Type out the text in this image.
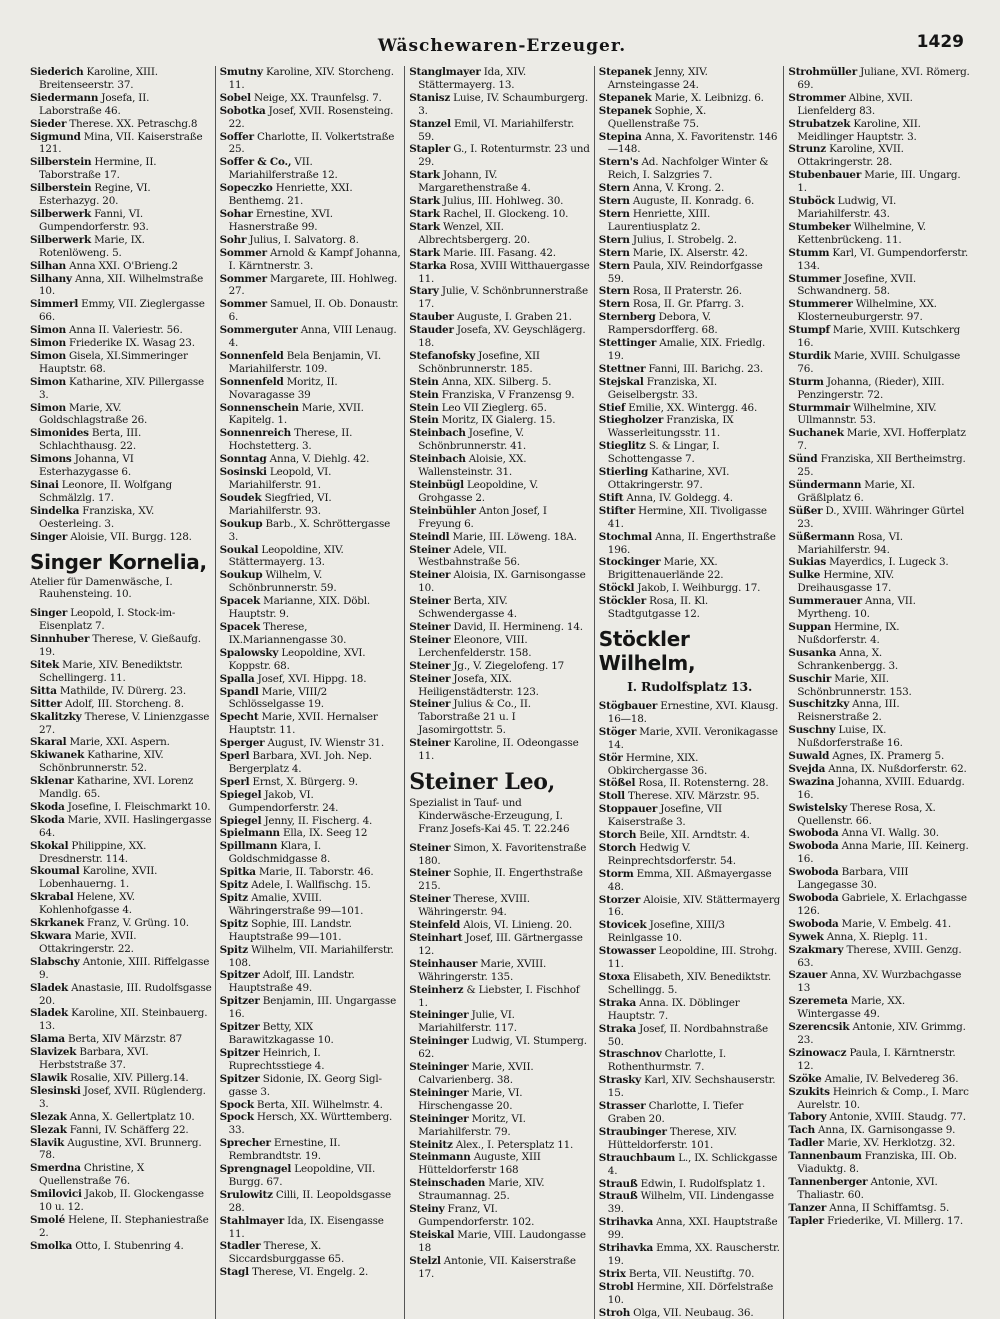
Wäschewaren-Erzeuger.	1429

Siederich Karoline, XIII. Breitenseerstr. 37.

Siedermann Josefa, II. Laborstraße 46.

Sieder Therese. XX. Petraschg.8

Sigmund Mina, VII. Kaiserstraße 121.

Silberstein Hermine, II. Taborstraße 17.

Silberstein Regine, VI. Esterhazyg. 20.

Silberwerk Fanni, VI. Gumpendorferstr. 93.

Silberwerk Marie, IX. Rotenlöweng. 5.

Silhan Anna XXI. O'Brieng.2

Silhany Anna, XII. Wilhelmstraße 10.

Simmerl Emmy, VII. Zieglergasse 66.

Simon Anna II. Valeriestr. 56.

Simon Friederike IX. Wasag 23.

Simon Gisela, XI.Simmeringer Hauptstr. 68.

Simon Katharine, XIV. Pillergasse 3.

Simon Marie, XV. Goldschlagstraße 26.

Simonides Berta, III. Schlachthausg. 22.

Simons Johanna, VI Esterhazygasse 6.

Sinai Leonore, II. Wolfgang Schmälzlg. 17.

Sindelka Franziska, XV. Oesterleing. 3.

Singer Aloisie, VII. Burgg. 128.

Singer Kornelia,

Atelier für Damenwäsche, I. Rauhensteing. 10.

Singer Leopold, I. Stock-im-Eisenplatz 7.

Sinnhuber Therese, V. Gießaufg. 19.

Sitek Marie, XIV. Benediktstr. Schellingerg. 11.

Sitta Mathilde, IV. Dürerg. 23.

Sitter Adolf, III. Storcheng. 8.

Skalitzky Therese, V. Linienzgasse 27.

Skaral Marie, XXI. Aspern.

Skiwanek Katharine, XIV. Schönbrunnerstr. 52.

Sklenar Katharine, XVI. Lorenz Mandlg. 65.

Skoda Josefine, I. Fleischmarkt 10.

Skoda Marie, XVII. Haslingergasse 64.

Skokal Philippine, XX. Dresdnerstr. 114.

Skoumal Karoline, XVII. Lobenhauerng. 1.

Skrabal Helene, XV. Kohlenhofgasse 4.

Skrkanek Franz, V. Grüng. 10.

Skwara Marie, XVII. Ottakringerstr. 22.

Slabschy Antonie, XIII. Riffelgasse 9.

Sladek Anastasie, III. Rudolfsgasse 20.

Sladek Karoline, XII. Steinbauerg. 13.

Slama Berta, XIV Märzstr. 87

Slavizek Barbara, XVI. Herbststraße 37.

Slawik Rosalie, XIV. Pillerg.14.

Slesinski Josef, XVII. Rüglenderg. 3.

Slezak Anna, X. Gellertplatz 10.

Slezak Fanni, IV. Schäfferg 22.

Slavik Augustine, XVI. Brunnerg. 78.

Smerdna Christine, X Quellenstraße 76.

Smilovici Jakob, II. Glockengasse 10 u. 12.

Smolé Helene, II. Stephaniestraße 2.

Smolka Otto, I. Stubenring 4.

Smutny Karoline, XIV. Storcheng. 11.

Sobel Neige, XX. Traunfelsg. 7.

Sobotka Josef, XVII. Rosensteing. 22.

Soffer Charlotte, II. Volkertstraße 25.

Soffer & Co., VII. Mariahilferstraße 12.

Sopeczko Henriette, XXI. Benthemg. 21.

Sohar Ernestine, XVI. Hasnerstraße 99.

Sohr Julius, I. Salvatorg. 8.

Sommer Arnold & Kampf Johanna, I. Kärntnerstr. 3.

Sommer Margarete, III. Hohlweg. 27.

Sommer Samuel, II. Ob. Donaustr. 6.

Sommerguter Anna, VIII Lenaug. 4.

Sonnenfeld Bela Benjamin, VI. Mariahilferstr. 109.

Sonnenfeld Moritz, II. Novaragasse 39

Sonnenschein Marie, XVII. Kapitelg. 1.

Sonnenreich Therese, II. Hochstetterg. 3.

Sonntag Anna, V. Diehlg. 42.

Sosinski Leopold, VI. Mariahilferstr. 91.

Soudek Siegfried, VI. Mariahilferstr. 93.

Soukup Barb., X. Schröttergasse 3.

Soukal Leopoldine, XIV. Stättermayerg. 13.

Soukup Wilhelm, V. Schönbrunnerstr. 59.

Spacek Marianne, XIX. Döbl. Hauptstr. 9.

Spacek Therese, IX.Mariannengasse 30.

Spalowsky Leopoldine, XVI. Koppstr. 68.

Spalla Josef, XVI. Hippg. 18.

Spandl Marie, VIII/2 Schlösselgasse 19.

Specht Marie, XVII. Hernalser Hauptstr. 11.

Sperger August, IV. Wienstr 31.

Sperl Barbara, XVI. Joh. Nep. Bergerplatz 4.

Sperl Ernst, X. Bürgerg. 9.

Spiegel Jakob, VI. Gumpendorferstr. 24.

Spiegel Jenny, II. Fischerg. 4.

Spielmann Ella, IX. Seeg 12

Spillmann Klara, I. Goldschmidgasse 8.

Spitka Marie, II. Taborstr. 46.

Spitz Adele, I. Wallfischg. 15.

Spitz Amalie, XVIII. Währingerstraße 99—101.

Spitz Sophie, III. Landstr. Hauptstraße 99—101.

Spitz Wilhelm, VII. Mariahilferstr. 108.

Spitzer Adolf, III. Landstr. Hauptstraße 49.

Spitzer Benjamin, III. Ungargasse 16.

Spitzer Betty, XIX Barawitzkagasse 10.

Spitzer Heinrich, I. Ruprechtsstiege 4.

Spitzer Sidonie, IX. Georg Sigl-gasse 3.

Spock Berta, XII. Wilhelmstr. 4.

Spock Hersch, XX. Württemberg. 33.

Sprecher Ernestine, II. Rembrandtstr. 19.

Sprengnagel Leopoldine, VII. Burgg. 67.

Srulowitz Cilli, II. Leopoldsgasse 28.

Stahlmayer Ida, IX. Eisengasse 11.

Stadler Therese, X. Siccardsburggasse 65.

Stagl Therese, VI. Engelg. 2.

Stanglmayer Ida, XIV. Stättermayerg. 13.

Stanisz Luise, IV. Schaumburgerg. 3.

Stanzel Emil, VI. Mariahilferstr. 59.

Stapler G., I. Rotenturmstr. 23 und 29.

Stark Johann, IV. Margarethenstraße 4.

Stark Julius, III. Hohlweg. 30.

Stark Rachel, II. Glockeng. 10.

Stark Wenzel, XII. Albrechtsbergerg. 20.

Stark Marie. III. Fasang. 42.

Starka Rosa, XVIII Witthauergasse 11.

Stary Julie, V. Schönbrunnerstraße 17.

Stauber Auguste, I. Graben 21.

Stauder Josefa, XV. Geyschlägerg. 18.

Stefanofsky Josefine, XII Schönbrunnerstr. 185.

Stein Anna, XIX. Silberg. 5.

Stein Franziska, V Franzensg 9.

Stein Leo VII Zieglerg. 65.

Stein Moritz, IX Gialerg. 15.

Steinbach Josefine, V. Schönbrunnerstr. 41.

Steinbach Aloisie, XX. Wallensteinstr. 31.

Steinbügl Leopoldine, V. Grohgasse 2.

Steinbühler Anton Josef, I Freyung 6.

Steindl Marie, III. Löweng. 18A.

Steiner Adele, VII. Westbahnstraße 56.

Steiner Aloisia, IX. Garnisongasse 10.

Steiner Berta, XIV. Schwendergasse 4.

Steiner David, II. Hermineng. 14.

Steiner Eleonore, VIII. Lerchenfelderstr. 158.

Steiner Jg., V. Ziegelofeng. 17

Steiner Josefa, XIX. Heiligenstädterstr. 123.

Steiner Julius & Co., II. Taborstraße 21 u. I Jasomirgottstr. 5.

Steiner Karoline, II. Odeongasse 11.

Steiner Leo,

Spezialist in Tauf- und Kinderwäsche-Erzeugung, I. Franz Josefs-Kai 45. T. 22.246

Steiner Simon, X. Favoritenstraße 180.

Steiner Sophie, II. Engerthstraße 215.

Steiner Therese, XVIII. Währingerstr. 94.

Steinfeld Alois, VI. Linieng. 20.

Steinhart Josef, III. Gärtnergasse 12.

Steinhauser Marie, XVIII. Währingerstr. 135.

Steinherz & Liebster, I. Fischhof 1.

Steininger Julie, VI. Mariahilferstr. 117.

Steininger Ludwig, VI. Stumperg. 62.

Steininger Marie, XVII. Calvarienberg. 38.

Steininger Marie, VI. Hirschengasse 20.

Steininger Moritz, VI. Mariahilferstr. 79.

Steinitz Alex., I. Petersplatz 11.

Steinmann Auguste, XIII Hütteldorferstr 168

Steinschaden Marie, XIV. Straumannag. 25.

Steiny Franz, VI. Gumpendorferstr. 102.

Steiskal Marie, VIII. Laudongasse 18

Stelzl Antonie, VII. Kaiserstraße 17.

Stepanek Jenny, XIV. Arnsteingasse 24.

Stepanek Marie, X. Leibnizg. 6.

Stepanek Sophie, X. Quellenstraße 75.

Stepina Anna, X. Favoritenstr. 146—148.

Stern's Ad. Nachfolger Winter & Reich, I. Salzgries 7.

Stern Anna, V. Krong. 2.

Stern Auguste, II. Konradg. 6.

Stern Henriette, XIII. Laurentiusplatz 2.

Stern Julius, I. Strobelg. 2.

Stern Marie, IX. Alserstr. 42.

Stern Paula, XIV. Reindorfgasse 59.

Stern Rosa, II Praterstr. 26.

Stern Rosa, II. Gr. Pfarrg. 3.

Sternberg Debora, V. Rampersdorfferg. 68.

Stettinger Amalie, XIX. Friedlg. 19.

Stettner Fanni, III. Barichg. 23.

Stejskal Franziska, XI. Geiselbergstr. 33.

Stief Emilie, XX. Wintergg. 46.

Stiegholzer Franziska, IX Wasserleitungsstr. 11.

Stieglitz S. & Lingar, I. Schottengasse 7.

Stierling Katharine, XVI. Ottakringerstr. 97.

Stift Anna, IV. Goldegg. 4.

Stifter Hermine, XII. Tivoligasse 41.

Stochmal Anna, II. Engerthstraße 196.

Stockinger Marie, XX. Brigittenauerlände 22.

Stöckl Jakob, I. Weihburgg. 17.

Stöckler Rosa, II. Kl. Stadtgutgasse 12.

Stöckler Wilhelm,

I. Rudolfsplatz 13.

Stögbauer Ernestine, XVI. Klausg. 16—18.

Stöger Marie, XVII. Veronikagasse 14.

Stör Hermine, XIX. Obkirchergasse 36.

Stößel Rosa, II. Rotensterng. 28.

Stoll Therese. XIV. Märzstr. 95.

Stoppauer Josefine, VII Kaiserstraße 3.

Storch Beile, XII. Arndtstr. 4.

Storch Hedwig V. Reinprechtsdorferstr. 54.

Storm Emma, XII. Aßmayergasse 48.

Storzer Aloisie, XIV. Stättermayerg 16.

Stovicek Josefine, XIII/3 Reinlgasse 10.

Stowasser Leopoldine, III. Strohg. 11.

Stoxa Elisabeth, XIV. Benediktstr. Schellingg. 5.

Straka Anna. IX. Döblinger Hauptstr. 7.

Straka Josef, II. Nordbahnstraße 50.

Straschnov Charlotte, I. Rothenthurmstr. 7.

Strasky Karl, XIV. Sechshauserstr. 15.

Strasser Charlotte, I. Tiefer Graben 20.

Straubinger Therese, XIV. Hütteldorferstr. 101.

Strauchbaum L., IX. Schlickgasse 4.

Strauß Edwin, I. Rudolfsplatz 1.

Strauß Wilhelm, VII. Lindengasse 39.

Strihavka Anna, XXI. Hauptstraße 99.

Strihavka Emma, XX. Rauscherstr. 19.

Strix Berta, VII. Neustiftg. 70.

Strobl Hermine, XII. Dörfelstraße 10.

Stroh Olga, VII. Neubaug. 36.

Strohmüller Juliane, XVI. Römerg. 69.

Strommer Albine, XVII. Lienfelderg 83.

Strubatzek Karoline, XII. Meidlinger Hauptstr. 3.

Strunz Karoline, XVII. Ottakringerstr. 28.

Stubenbauer Marie, III. Ungarg. 1.

Stuböck Ludwig, VI. Mariahilferstr. 43.

Stumbeker Wilhelmine, V. Kettenbrückeng. 11.

Stumm Karl, VI. Gumpendorferstr. 134.

Stummer Josefine, XVII. Schwandnerg. 58.

Stummerer Wilhelmine, XX. Klosterneuburgerstr. 97.

Stumpf Marie, XVIII. Kutschkerg 16.

Sturdik Marie, XVIII. Schulgasse 76.

Sturm Johanna, (Rieder), XIII. Penzingerstr. 72.

Sturmmair Wilhelmine, XIV. Ullmannstr. 53.

Suchanek Marie, XVI. Hofferplatz 7.

Sünd Franziska, XII Bertheimstrg. 25.

Sündermann Marie, XI. Gräßlplatz 6.

Süßer D., XVIII. Währinger Gürtel 23.

Süßermann Rosa, VI. Mariahilferstr. 94.

Sukias Mayerdics, I. Lugeck 3.

Sulke Hermine, XIV. Dreihausgasse 17.

Summerauer Anna, VII. Myrtheng. 10.

Suppan Hermine, IX. Nußdorferstr. 4.

Susanka Anna, X. Schrankenbergg. 3.

Suschir Marie, XII. Schönbrunnerstr. 153.

Suschitzky Anna, III. Reisnerstraße 2.

Suschny Luise, IX. Nußdorferstraße 16.

Suwald Agnes, IX. Pramerg 5.

Svejda Anna, IX. Nußdorferstr. 62.

Swazina Johanna, XVIII. Eduardg. 16.

Swistelsky Therese Rosa, X. Quellenstr. 66.

Swoboda Anna VI. Wallg. 30.

Swoboda Anna Marie, III. Keinerg. 16.

Swoboda Barbara, VIII Langegasse 30.

Swoboda Gabriele, X. Erlachgasse 126.

Swoboda Marie, V. Embelg. 41.

Sywek Anna, X. Rieplg. 11.

Szakmary Therese, XVIII. Genzg. 63.

Szauer Anna, XV. Wurzbachgasse 13

Szeremeta Marie, XX. Wintergasse 49.

Szerencsik Antonie, XIV. Grimmg. 23.

Szinowacz Paula, I. Kärntnerstr. 12.

Szöke Amalie, IV. Belvedereg 36.

Szukits Heinrich & Comp., I. Marc Aurelstr. 10.

Tabory Antonie, XVIII. Staudg. 77.

Tach Anna, IX. Garnisongasse 9.

Tadler Marie, XV. Herklotzg. 32.

Tannenbaum Franziska, III. Ob. Viaduktg. 8.

Tannenberger Antonie, XVI. Thaliastr. 60.

Tanzer Anna, II Schiffamtsg. 5.

Tapler Friederike, VI. Millerg. 17.
